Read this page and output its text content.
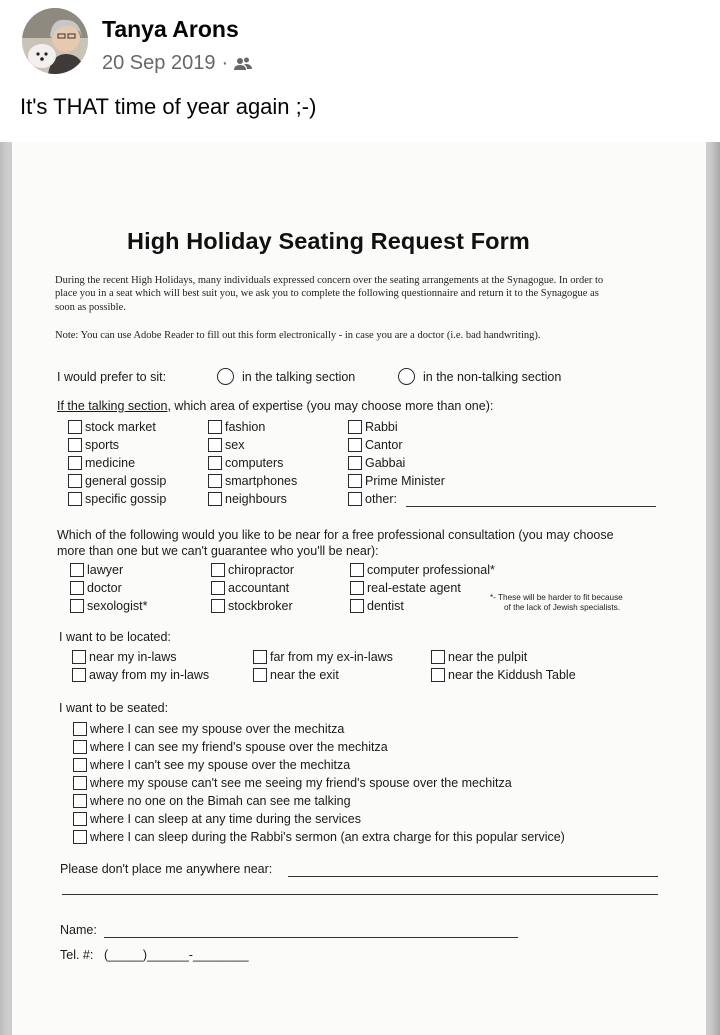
Tanya Arons
20 Sep 2019 ·
It's THAT time of year again ;-)
High Holiday Seating Request Form
During the recent High Holidays, many individuals expressed concern over the seating arrangements at the Synagogue. In order to place you in a seat which will best suit you, we ask you to complete the following questionnaire and return it to the Synagogue as soon as possible.
Note: You can use Adobe Reader to fill out this form electronically - in case you are a doctor (i.e. bad handwriting).
I would prefer to sit:	in the talking section	in the non-talking section
If the talking section, which area of expertise (you may choose more than one):
stock market
sports
medicine
general gossip
specific gossip
fashion
sex
computers
smartphones
neighbours
Rabbi
Cantor
Gabbai
Prime Minister
other:
Which of the following would you like to be near for a free professional consultation (you may choose
more than one but we can't guarantee who you'll be near):
lawyer
doctor
sexologist*
chiropractor
accountant
stockbroker
computer professional*
real-estate agent
dentist
*- These will be harder to fit because
of the lack of Jewish specialists.
I want to be located:
near my in-laws
away from my in-laws
far from my ex-in-laws
near the exit
near the pulpit
near the Kiddush Table
I want to be seated:
where I can see my spouse over the mechitza
where I can see my friend's spouse over the mechitza
where I can't see my spouse over the mechitza
where my spouse can't see me seeing my friend's spouse over the mechitza
where no one on the Bimah can see me talking
where I can sleep at any time during the services
where I can sleep during the Rabbi's sermon (an extra charge for this popular service)
Please don't place me anywhere near:
Name:
Tel. #: (_____)______-________
